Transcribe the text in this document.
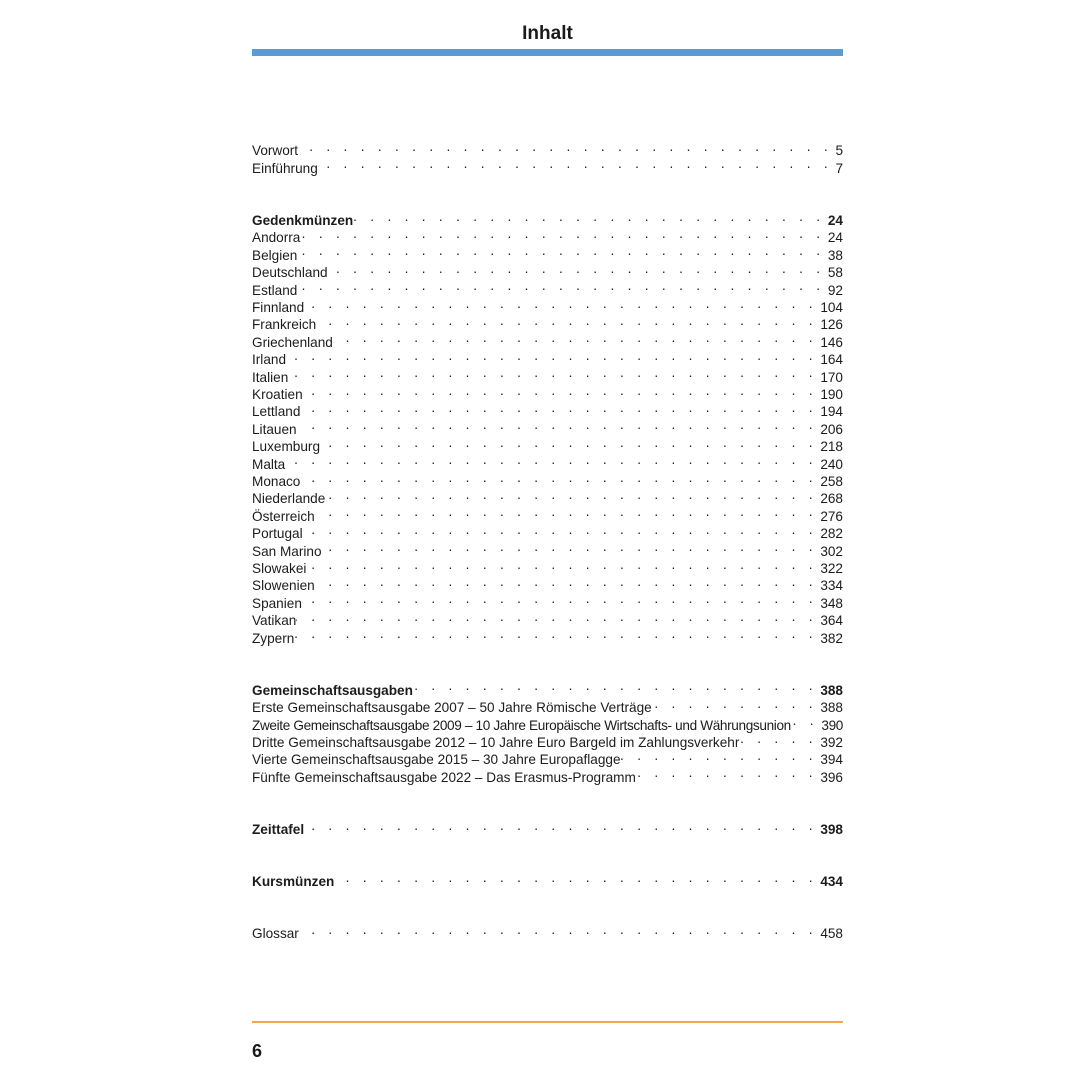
Inhalt
Vorwort . . .	5
Einführung . . .	7
Gedenkmünzen . . .	24
Andorra . . .	24
Belgien . . .	38
Deutschland . . .	58
Estland . . .	92
Finnland . . .	104
Frankreich . . .	126
Griechenland . . .	146
Irland . . .	164
Italien . . .	170
Kroatien . . .	190
Lettland . . .	194
Litauen . . .	206
Luxemburg . . .	218
Malta . . .	240
Monaco . . .	258
Niederlande . . .	268
Österreich . . .	276
Portugal . . .	282
San Marino . . .	302
Slowakei . . .	322
Slowenien . . .	334
Spanien . . .	348
Vatikan . . .	364
Zypern . . .	382
Gemeinschaftsausgaben . . .	388
Erste Gemeinschaftsausgabe 2007 – 50 Jahre Römische Verträge . . .	388
Zweite Gemeinschaftsausgabe 2009 – 10 Jahre Europäische Wirtschafts- und Währungsunion . . . 390
Dritte Gemeinschaftsausgabe 2012 – 10 Jahre Euro Bargeld im Zahlungsverkehr . . .	392
Vierte Gemeinschaftsausgabe 2015 – 30 Jahre Europaflagge . . .	394
Fünfte Gemeinschaftsausgabe 2022 – Das Erasmus-Programm . . .	396
Zeittafel . . .	398
Kursmünzen . . .	434
Glossar . . .	458
6
